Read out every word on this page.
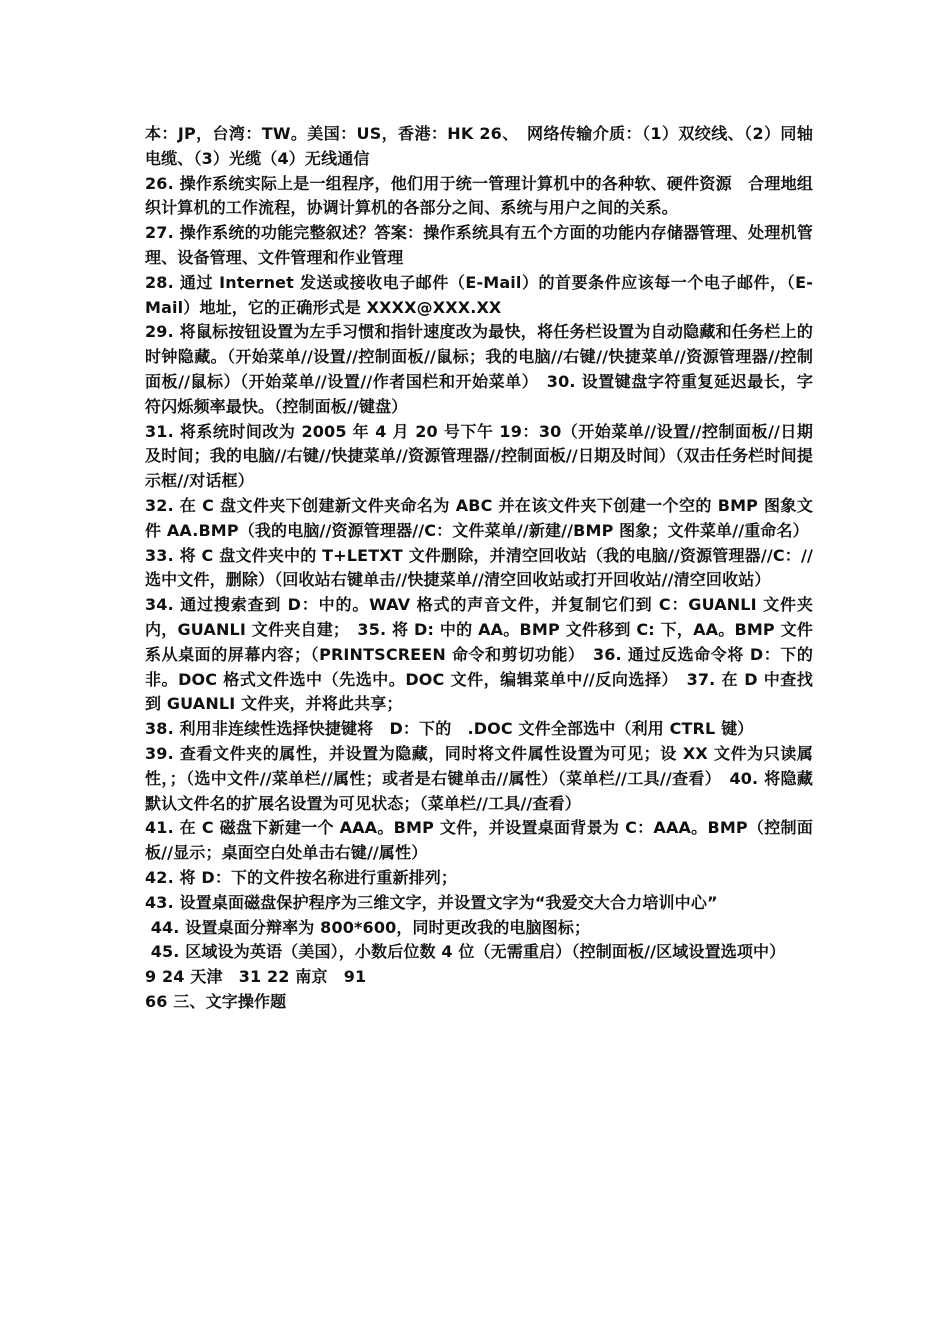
本：JP，台湾：TW。美国：US，香港：HK 26、　网络传输介质：（1）双绞线、（2）同轴电缆、（3）光缆（4）无线通信

26. 操作系统实际上是一组程序，他们用于统一管理计算机中的各种软、硬件资源　合理地组织计算机的工作流程，协调计算机的各部分之间、系统与用户之间的关系。

27. 操作系统的功能完整叙述？答案：操作系统具有五个方面的功能内存储器管理、处理机管理、设备管理、文件管理和作业管理

28. 通过 Internet 发送或接收电子邮件（E-Mail）的首要条件应该每一个电子邮件，（E-Mail）地址，它的正确形式是 XXXX@XXX.XX

29. 将鼠标按钮设置为左手习惯和指针速度改为最快，将任务栏设置为自动隐藏和任务栏上的时钟隐藏。（开始菜单//设置//控制面板//鼠标；我的电脑//右键//快捷菜单//资源管理器//控制面板//鼠标）（开始菜单//设置//作者国栏和开始菜单）　30. 设置键盘字符重复延迟最长，字符闪烁频率最快。（控制面板//键盘）

31. 将系统时间改为 2005 年 4 月 20 号下午 19：30（开始菜单//设置//控制面板//日期及时间；我的电脑//右键//快捷菜单//资源管理器//控制面板//日期及时间）（双击任务栏时间提示框//对话框）

32. 在 C 盘文件夹下创建新文件夹命名为 ABC 并在该文件夹下创建一个空的 BMP 图象文件 AA.BMP（我的电脑//资源管理器//C：文件菜单//新建//BMP 图象；文件菜单//重命名）

33. 将 C 盘文件夹中的 T+LETXT 文件删除，并清空回收站（我的电脑//资源管理器//C：//选中文件，删除）（回收站右键单击//快捷菜单//清空回收站或打开回收站//清空回收站）

34. 通过搜索查到 D：中的。WAV 格式的声音文件，并复制它们到 C：GUANLI 文件夹内，GUANLI 文件夹自建；　35. 将 D: 中的 AA。BMP 文件移到 C: 下，AA。BMP 文件系从桌面的屏幕内容；（PRINTSCREEN 命令和剪切功能）　36. 通过反选命令将 D：下的非。DOC 格式文件选中（先选中。DOC 文件，编辑菜单中//反向选择）　37. 在 D 中查找到 GUANLI 文件夹，并将此共享；

38. 利用非连续性选择快捷键将　D：下的　.DOC 文件全部选中（利用 CTRL 键）

39. 查看文件夹的属性，并设置为隐藏，同时将文件属性设置为可见；设 XX 文件为只读属性，；（选中文件//菜单栏//属性；或者是右键单击//属性）（菜单栏//工具//查看）　40. 将隐藏默认文件名的扩展名设置为可见状态；（菜单栏//工具//查看）

41. 在 C 磁盘下新建一个 AAA。BMP 文件，并设置桌面背景为 C：AAA。BMP（控制面板//显示；桌面空白处单击右键//属性）

42. 将 D：下的文件按名称进行重新排列；

43. 设置桌面磁盘保护程序为三维文字，并设置文字为“我爱交大合力培训中心”

44. 设置桌面分辩率为 800*600，同时更改我的电脑图标；

45. 区域设为英语（美国），小数后位数 4 位（无需重启）（控制面板//区域设置选项中）

9 24 天津　31 22 南京　91

66 三、文字操作题
